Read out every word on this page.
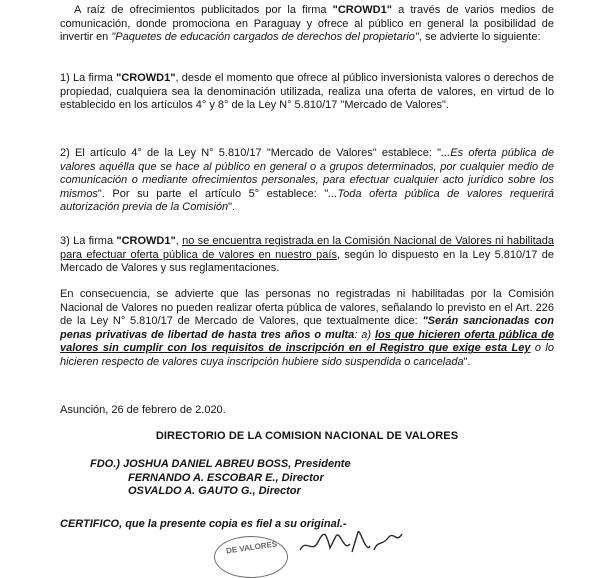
A raíz de ofrecimientos publicitados por la firma "CROWD1" a través de varios medios de comunicación, donde promociona en Paraguay y ofrece al público en general la posibilidad de invertir en "Paquetes de educación cargados de derechos del propietario", se advierte lo siguiente:

1) La firma "CROWD1", desde el momento que ofrece al público inversionista valores o derechos de propiedad, cualquiera sea la denominación utilizada, realiza una oferta de valores, en virtud de lo establecido en los artículos 4° y 8° de la Ley N° 5.810/17 "Mercado de Valores".

2) El artículo 4° de la Ley N° 5.810/17 "Mercado de Valores" establece: "...Es oferta pública de valores aquélla que se hace al público en general o a grupos determinados, por cualquier medio de comunicación o mediante ofrecimientos personales, para efectuar cualquier acto jurídico sobre los mismos". Por su parte el artículo 5° establece: "...Toda oferta pública de valores requerirá autorización previa de la Comisión".

3) La firma "CROWD1", no se encuentra registrada en la Comisión Nacional de Valores ni habilitada para efectuar oferta pública de valores en nuestro país, según lo dispuesto en la Ley 5.810/17 de Mercado de Valores y sus reglamentaciones.

En consecuencia, se advierte que las personas no registradas ni habilitadas por la Comisión Nacional de Valores no pueden realizar oferta pública de valores, señalando lo previsto en el Art. 226 de la Ley N° 5.810/17 de Mercado de Valores, que textualmente dice: "Serán sancionadas con penas privativas de libertad de hasta tres años o multa: a) los que hicieren oferta pública de valores sin cumplir con los requisitos de inscripción en el Registro que exige esta Ley o lo hicieren respecto de valores cuya inscripción hubiere sido suspendida o cancelada".

Asunción, 26 de febrero de 2.020.
DIRECTORIO DE LA COMISION NACIONAL DE VALORES
FDO.) JOSHUA DANIEL ABREU BOSS, Presidente
FERNANDO A. ESCOBAR E., Director
OSVALDO A. GAUTO G., Director
CERTIFICO, que la presente copia es fiel a su original.-
DE VALORES
